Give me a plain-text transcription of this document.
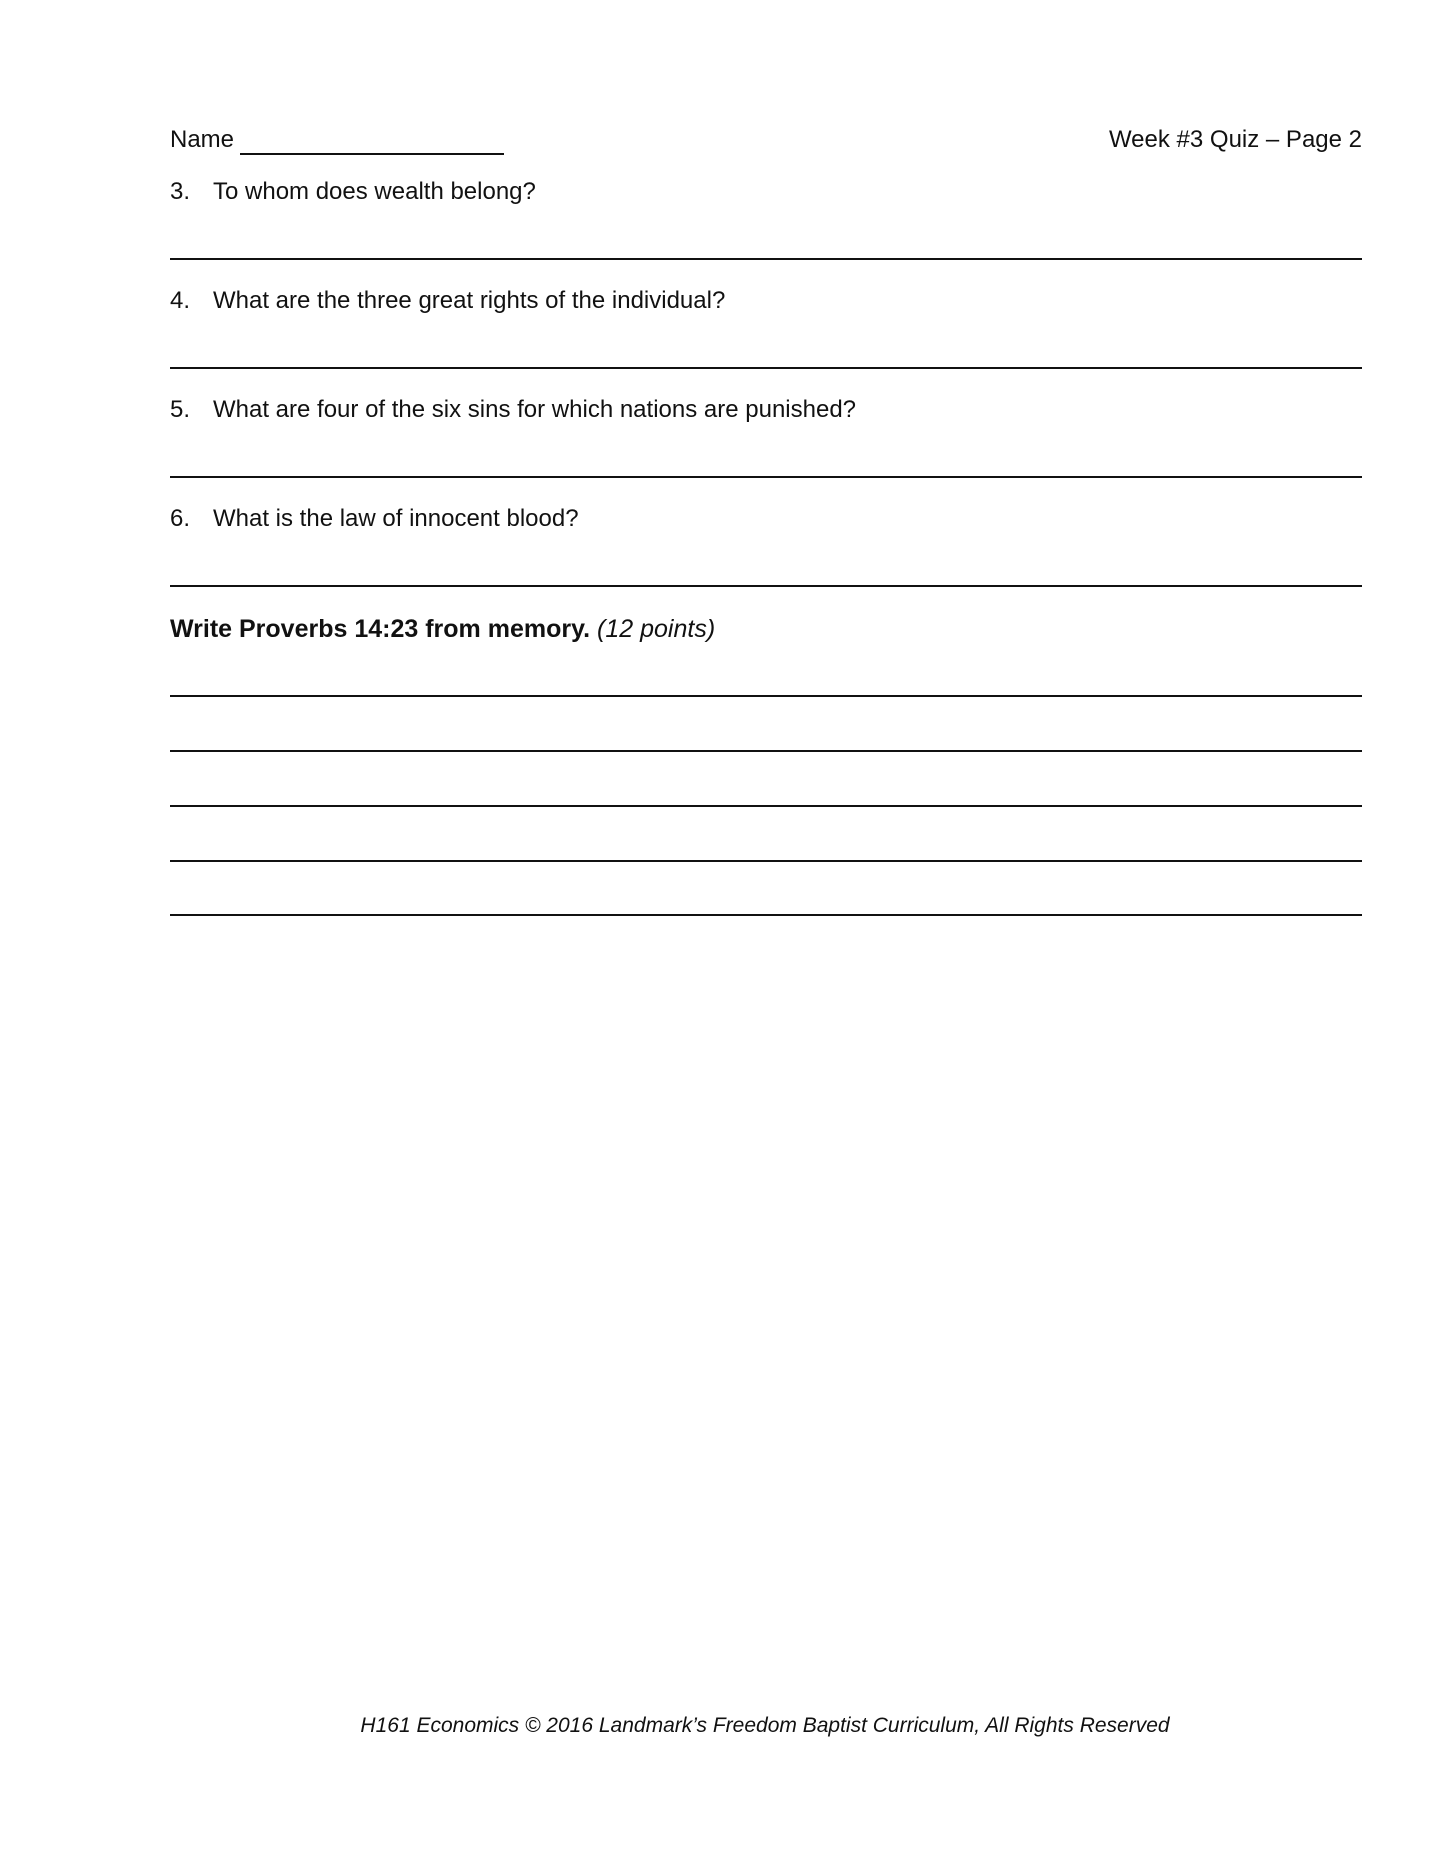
Name	Week #3 Quiz – Page 2
3. To whom does wealth belong?
4. What are the three great rights of the individual?
5. What are four of the six sins for which nations are punished?
6. What is the law of innocent blood?
Write Proverbs 14:23 from memory. (12 points)
H161 Economics © 2016 Landmark’s Freedom Baptist Curriculum, All Rights Reserved
